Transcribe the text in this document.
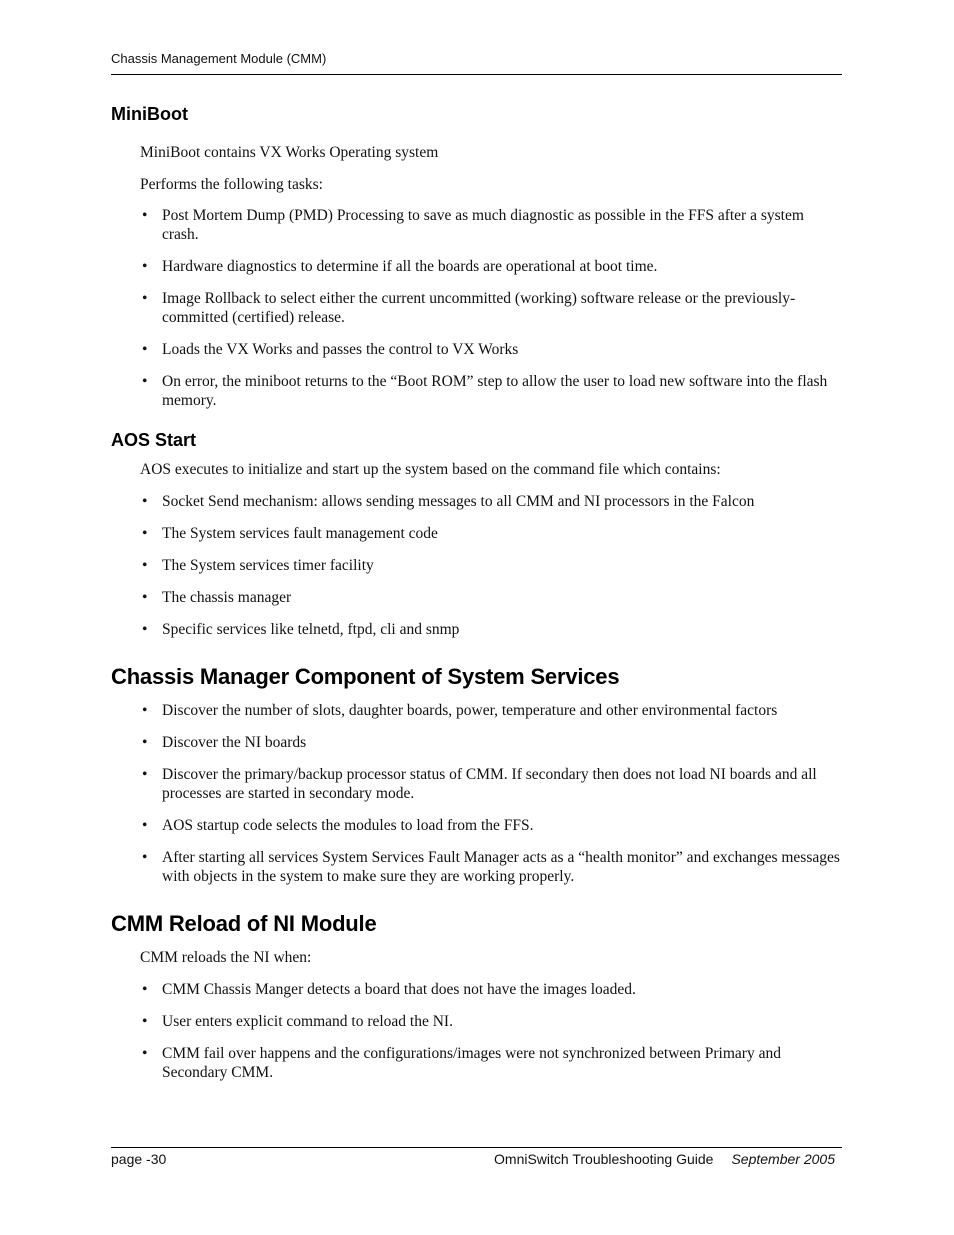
Chassis Management Module (CMM)
MiniBoot

MiniBoot contains VX Works Operating system

Performs the following tasks:

• Post Mortem Dump (PMD) Processing to save as much diagnostic as possible in the FFS after a system crash.
• Hardware diagnostics to determine if all the boards are operational at boot time.
• Image Rollback to select either the current uncommitted (working) software release or the previously-committed (certified) release.
• Loads the VX Works and passes the control to VX Works
• On error, the miniboot returns to the “Boot ROM” step to allow the user to load new software into the flash memory.
AOS Start

AOS executes to initialize and start up the system based on the command file which contains:

• Socket Send mechanism: allows sending messages to all CMM and NI processors in the Falcon
• The System services fault management code
• The System services timer facility
• The chassis manager
• Specific services like telnetd, ftpd, cli and snmp
Chassis Manager Component of System Services
• Discover the number of slots, daughter boards, power, temperature and other environmental factors
• Discover the NI boards
• Discover the primary/backup processor status of CMM. If secondary then does not load NI boards and all processes are started in secondary mode.
• AOS startup code selects the modules to load from the FFS.
• After starting all services System Services Fault Manager acts as a “health monitor” and exchanges messages with objects in the system to make sure they are working properly.
CMM Reload of NI Module

CMM reloads the NI when:

• CMM Chassis Manger detects a board that does not have the images loaded.
• User enters explicit command to reload the NI.
• CMM fail over happens and the configurations/images were not synchronized between Primary and Secondary CMM.
page -30	OmniSwitch Troubleshooting Guide September 2005
